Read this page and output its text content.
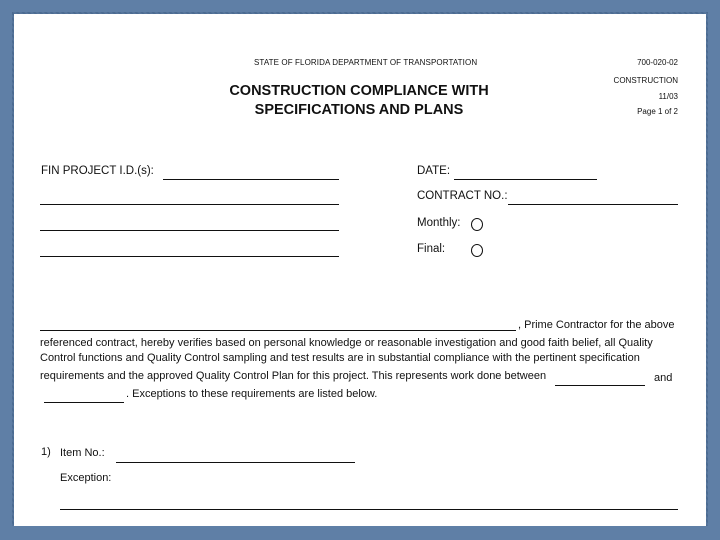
STATE OF FLORIDA DEPARTMENT OF TRANSPORTATION
CONSTRUCTION COMPLIANCE WITH
SPECIFICATIONS AND PLANS
700-020-02
CONSTRUCTION
11/03
Page 1 of 2
FIN PROJECT I.D.(s):	DATE:
CONTRACT NO.:
Monthly:
Final:
, Prime Contractor for the above
referenced contract, hereby verifies based on personal knowledge or reasonable investigation and good faith belief, all Quality
Control functions and Quality Control sampling and test results are in substantial compliance with the pertinent specification
requirements and the approved Quality Control Plan for this project. This represents work done between	and
. Exceptions to these requirements are listed below.
1) Item No.:
Exception:
